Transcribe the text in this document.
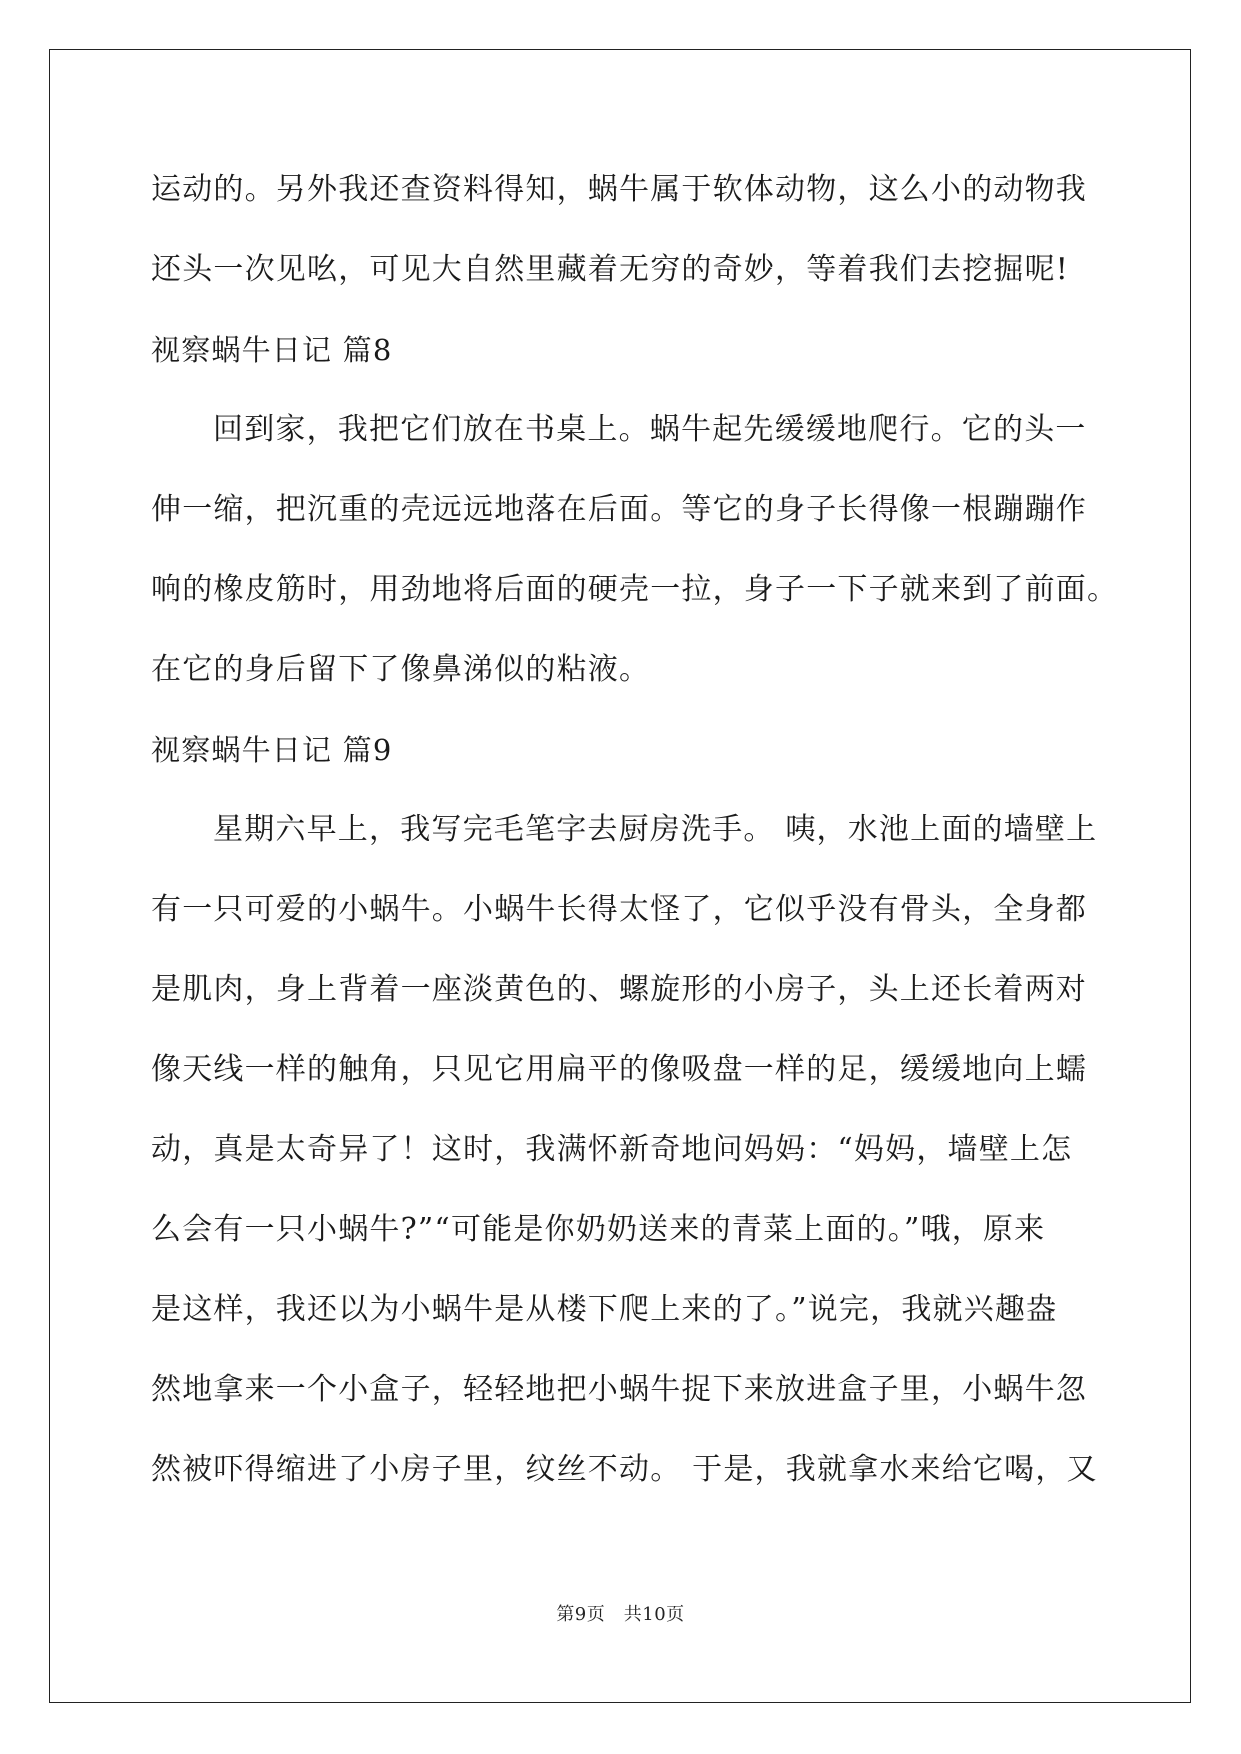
运动的。另外我还查资料得知，蜗牛属于软体动物，这么小的动物我
还头一次见吆，可见大自然里藏着无穷的奇妙，等着我们去挖掘呢!
视察蜗牛日记 篇8
回到家，我把它们放在书桌上。蜗牛起先缓缓地爬行。它的头一
伸一缩，把沉重的壳远远地落在后面。等它的身子长得像一根蹦蹦作
响的橡皮筋时，用劲地将后面的硬壳一拉，身子一下子就来到了前面。
在它的身后留下了像鼻涕似的粘液。
视察蜗牛日记 篇9
星期六早上，我写完毛笔字去厨房洗手。 咦，水池上面的墙壁上
有一只可爱的小蜗牛。小蜗牛长得太怪了，它似乎没有骨头，全身都
是肌肉，身上背着一座淡黄色的、螺旋形的小房子，头上还长着两对
像天线一样的触角，只见它用扁平的像吸盘一样的足，缓缓地向上蠕
动，真是太奇异了！这时，我满怀新奇地问妈妈：“妈妈，墙壁上怎
么会有一只小蜗牛?”“可能是你奶奶送来的青菜上面的。”哦，原来
是这样，我还以为小蜗牛是从楼下爬上来的了。”说完，我就兴趣盎
然地拿来一个小盒子，轻轻地把小蜗牛捉下来放进盒子里，小蜗牛忽
然被吓得缩进了小房子里，纹丝不动。 于是，我就拿水来给它喝，又
第9页　共10页
